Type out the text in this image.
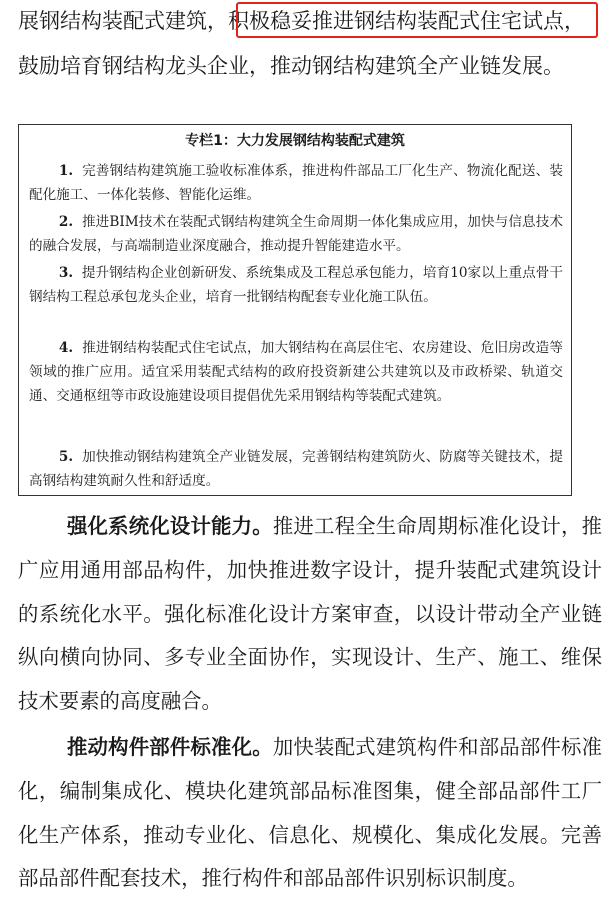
展钢结构装配式建筑，积极稳妥推进钢结构装配式住宅试点，
鼓励培育钢结构龙头企业，推动钢结构建筑全产业链发展。
专栏1：大力发展钢结构装配式建筑
1. 完善钢结构建筑施工验收标准体系，推进构件部品工厂化生产、物流化配送、装配化施工、一体化装修、智能化运维。
2. 推进BIM技术在装配式钢结构建筑全生命周期一体化集成应用，加快与信息技术的融合发展，与高端制造业深度融合，推动提升智能建造水平。
3. 提升钢结构企业创新研发、系统集成及工程总承包能力，培育10家以上重点骨干钢结构工程总承包龙头企业，培育一批钢结构配套专业化施工队伍。
4. 推进钢结构装配式住宅试点，加大钢结构在高层住宅、农房建设、危旧房改造等领域的推广应用。适宜采用装配式结构的政府投资新建公共建筑以及市政桥梁、轨道交通、交通枢纽等市政设施建设项目提倡优先采用钢结构等装配式建筑。
5. 加快推动钢结构建筑全产业链发展，完善钢结构建筑防火、防腐等关键技术，提高钢结构建筑耐久性和舒适度。
强化系统化设计能力。推进工程全生命周期标准化设计，推广应用通用部品构件，加快推进数字设计，提升装配式建筑设计的系统化水平。强化标准化设计方案审查，以设计带动全产业链纵向横向协同、多专业全面协作，实现设计、生产、施工、维保技术要素的高度融合。
推动构件部件标准化。加快装配式建筑构件和部品部件标准化，编制集成化、模块化建筑部品标准图集，健全部品部件工厂化生产体系，推动专业化、信息化、规模化、集成化发展。完善部品部件配套技术，推行构件和部品部件识别标识制度。
